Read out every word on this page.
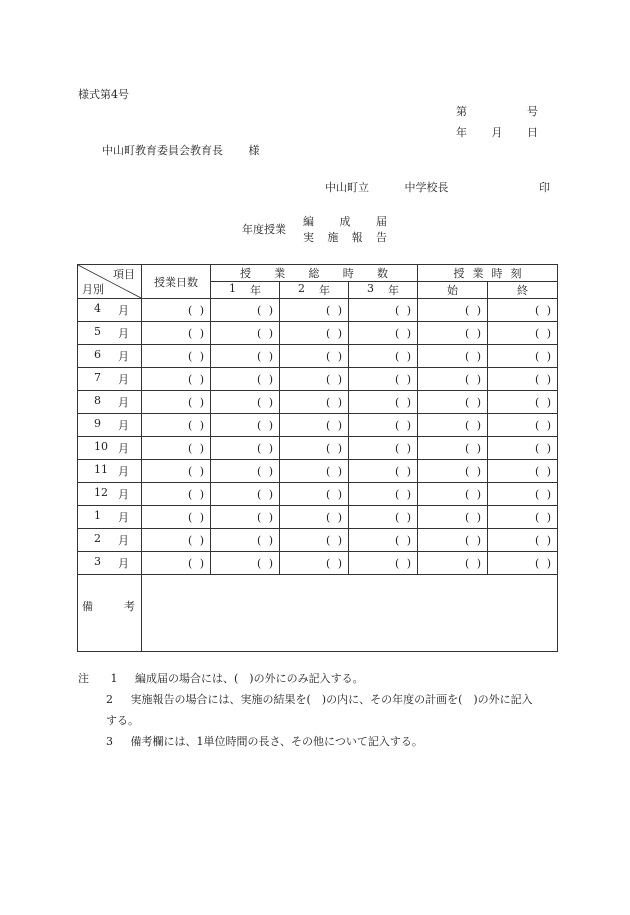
様式第4号
第	号
年 月 日
中山町教育委員会教育長 様
中山町立	中学校長	印
年度授業
編 成 届
実 施 報 告
項目
月別	授業日数	授 業 総 時 数			授 業 時 刻	

		1 年	2 年	3 年	始	終

4 月	( )	( )	( )	( )	( )	( )

5 月	( )	( )	( )	( )	( )	( )

6 月	( )	( )	( )	( )	( )	( )

7 月	( )	( )	( )	( )	( )	( )

8 月	( )	( )	( )	( )	( )	( )

9 月	( )	( )	( )	( )	( )	( )

10 月	( )	( )	( )	( )	( )	( )

11 月	( )	( )	( )	( )	( )	( )

12 月	( )	( )	( )	( )	( )	( )

1 月	( )	( )	( )	( )	( )	( )

2 月	( )	( )	( )	( )	( )	( )

3 月	( )	( )	( )	( )	( )	( )

備 考						

注 1 編成届の場合には、(　)の外にのみ記入する。
2 実施報告の場合には、実施の結果を(　)の内に、その年度の計画を(　)の外に記入
する。
3 備考欄には、1単位時間の長さ、その他について記入する。
